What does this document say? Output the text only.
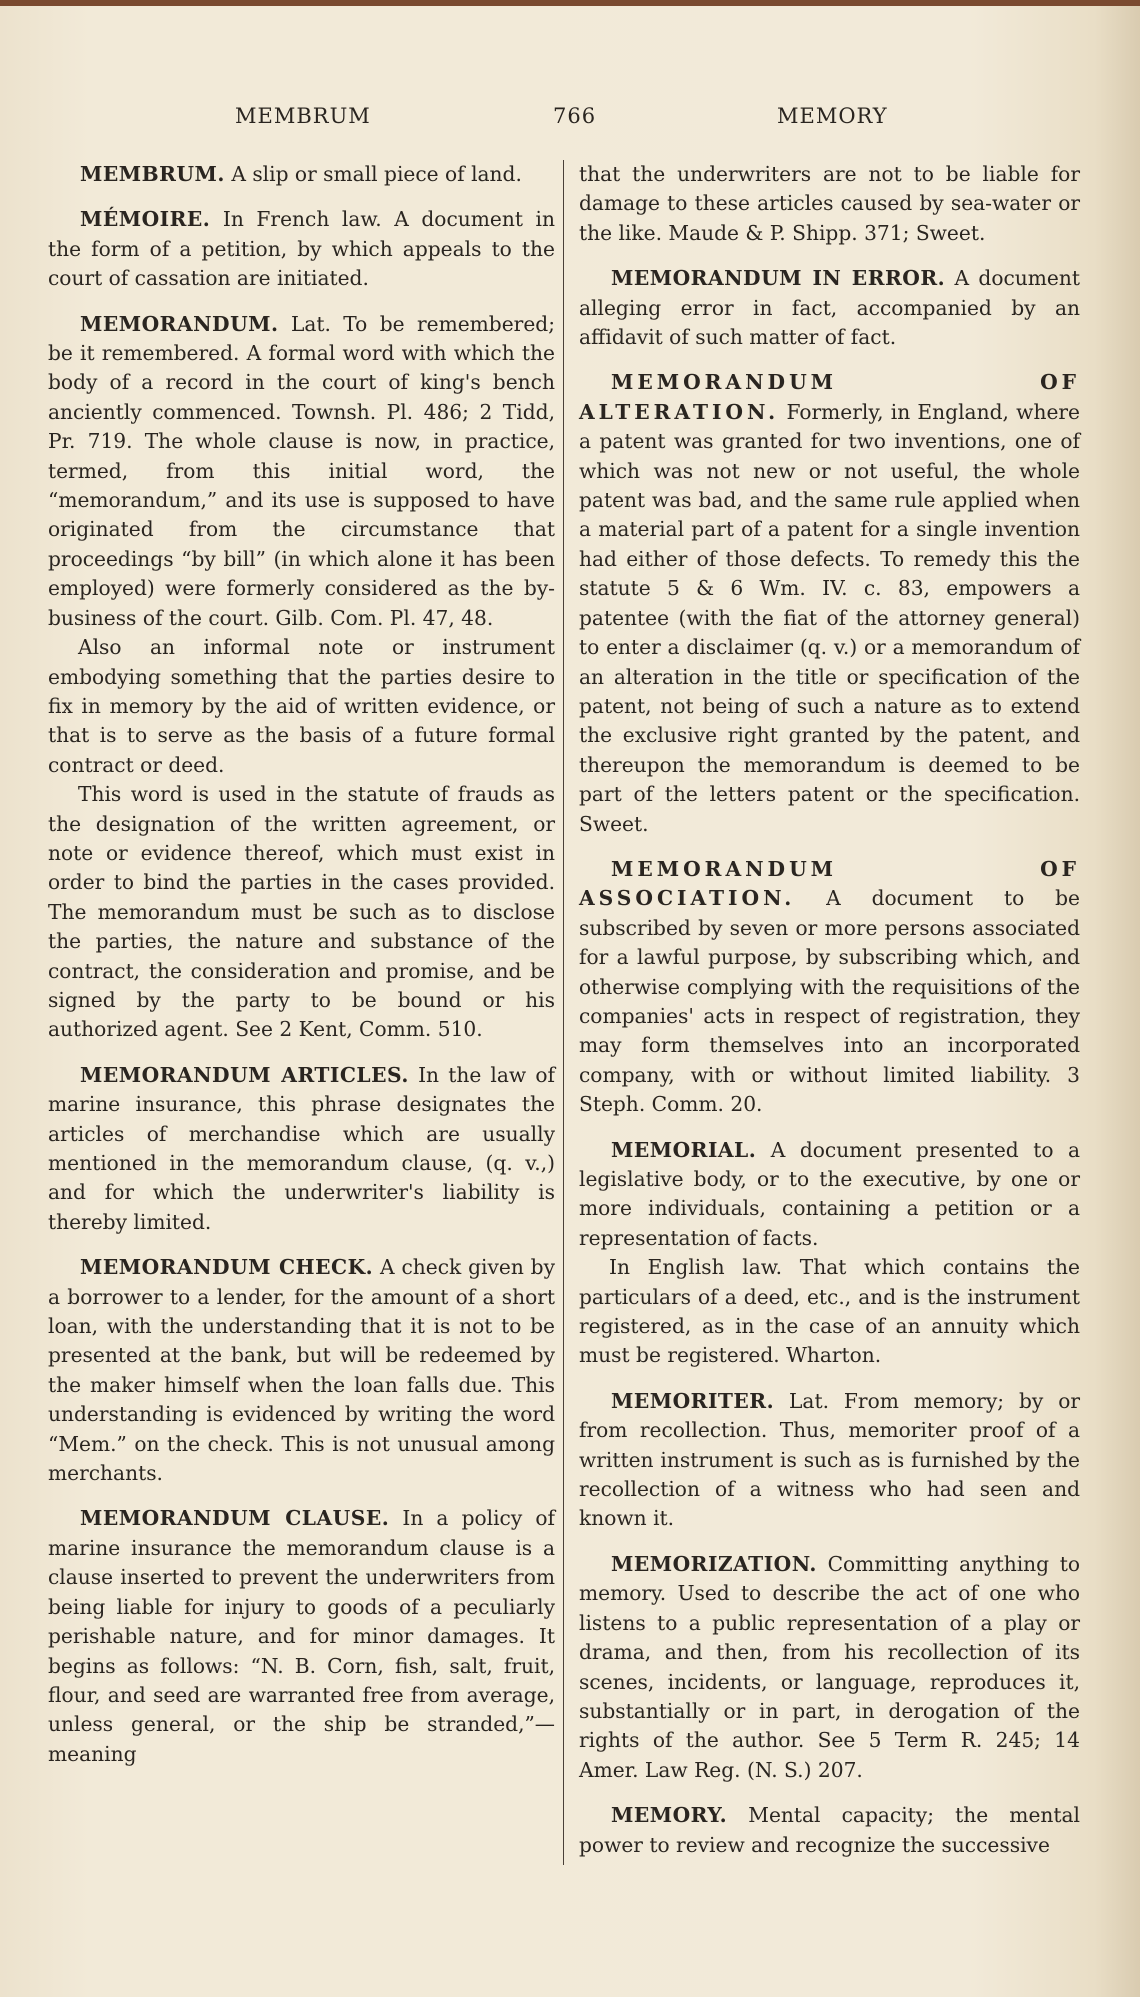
MEMBRUM	766	MEMORY

MEMBRUM. A slip or small piece of land.

MÉMOIRE. In French law. A document in the form of a petition, by which appeals to the court of cassation are initiated.

MEMORANDUM. Lat. To be remembered; be it remembered. A formal word with which the body of a record in the court of king's bench anciently commenced. Townsh. Pl. 486; 2 Tidd, Pr. 719. The whole clause is now, in practice, termed, from this initial word, the “memorandum,” and its use is supposed to have originated from the circumstance that proceedings “by bill” (in which alone it has been employed) were formerly considered as the by-business of the court. Gilb. Com. Pl. 47, 48.

Also an informal note or instrument embodying something that the parties desire to fix in memory by the aid of written evidence, or that is to serve as the basis of a future formal contract or deed.

This word is used in the statute of frauds as the designation of the written agreement, or note or evidence thereof, which must exist in order to bind the parties in the cases provided. The memorandum must be such as to disclose the parties, the nature and substance of the contract, the consideration and promise, and be signed by the party to be bound or his authorized agent. See 2 Kent, Comm. 510.

MEMORANDUM ARTICLES. In the law of marine insurance, this phrase designates the articles of merchandise which are usually mentioned in the memorandum clause, (q. v.,) and for which the underwriter's liability is thereby limited.

MEMORANDUM CHECK. A check given by a borrower to a lender, for the amount of a short loan, with the understanding that it is not to be presented at the bank, but will be redeemed by the maker himself when the loan falls due. This understanding is evidenced by writing the word “Mem.” on the check. This is not unusual among merchants.

MEMORANDUM CLAUSE. In a policy of marine insurance the memorandum clause is a clause inserted to prevent the underwriters from being liable for injury to goods of a peculiarly perishable nature, and for minor damages. It begins as follows: “N. B. Corn, fish, salt, fruit, flour, and seed are warranted free from average, unless general, or the ship be stranded,”—meaning

that the underwriters are not to be liable for damage to these articles caused by sea-water or the like. Maude & P. Shipp. 371; Sweet.

MEMORANDUM IN ERROR. A document alleging error in fact, accompanied by an affidavit of such matter of fact.

MEMORANDUM OF ALTERATION. Formerly, in England, where a patent was granted for two inventions, one of which was not new or not useful, the whole patent was bad, and the same rule applied when a material part of a patent for a single invention had either of those defects. To remedy this the statute 5 & 6 Wm. IV. c. 83, empowers a patentee (with the fiat of the attorney general) to enter a disclaimer (q. v.) or a memorandum of an alteration in the title or specification of the patent, not being of such a nature as to extend the exclusive right granted by the patent, and thereupon the memorandum is deemed to be part of the letters patent or the specification. Sweet.

MEMORANDUM OF ASSOCIATION. A document to be subscribed by seven or more persons associated for a lawful purpose, by subscribing which, and otherwise complying with the requisitions of the companies' acts in respect of registration, they may form themselves into an incorporated company, with or without limited liability. 3 Steph. Comm. 20.

MEMORIAL. A document presented to a legislative body, or to the executive, by one or more individuals, containing a petition or a representation of facts.

In English law. That which contains the particulars of a deed, etc., and is the instrument registered, as in the case of an annuity which must be registered. Wharton.

MEMORITER. Lat. From memory; by or from recollection. Thus, memoriter proof of a written instrument is such as is furnished by the recollection of a witness who had seen and known it.

MEMORIZATION. Committing anything to memory. Used to describe the act of one who listens to a public representation of a play or drama, and then, from his recollection of its scenes, incidents, or language, reproduces it, substantially or in part, in derogation of the rights of the author. See 5 Term R. 245; 14 Amer. Law Reg. (N. S.) 207.

MEMORY. Mental capacity; the mental power to review and recognize the successive
